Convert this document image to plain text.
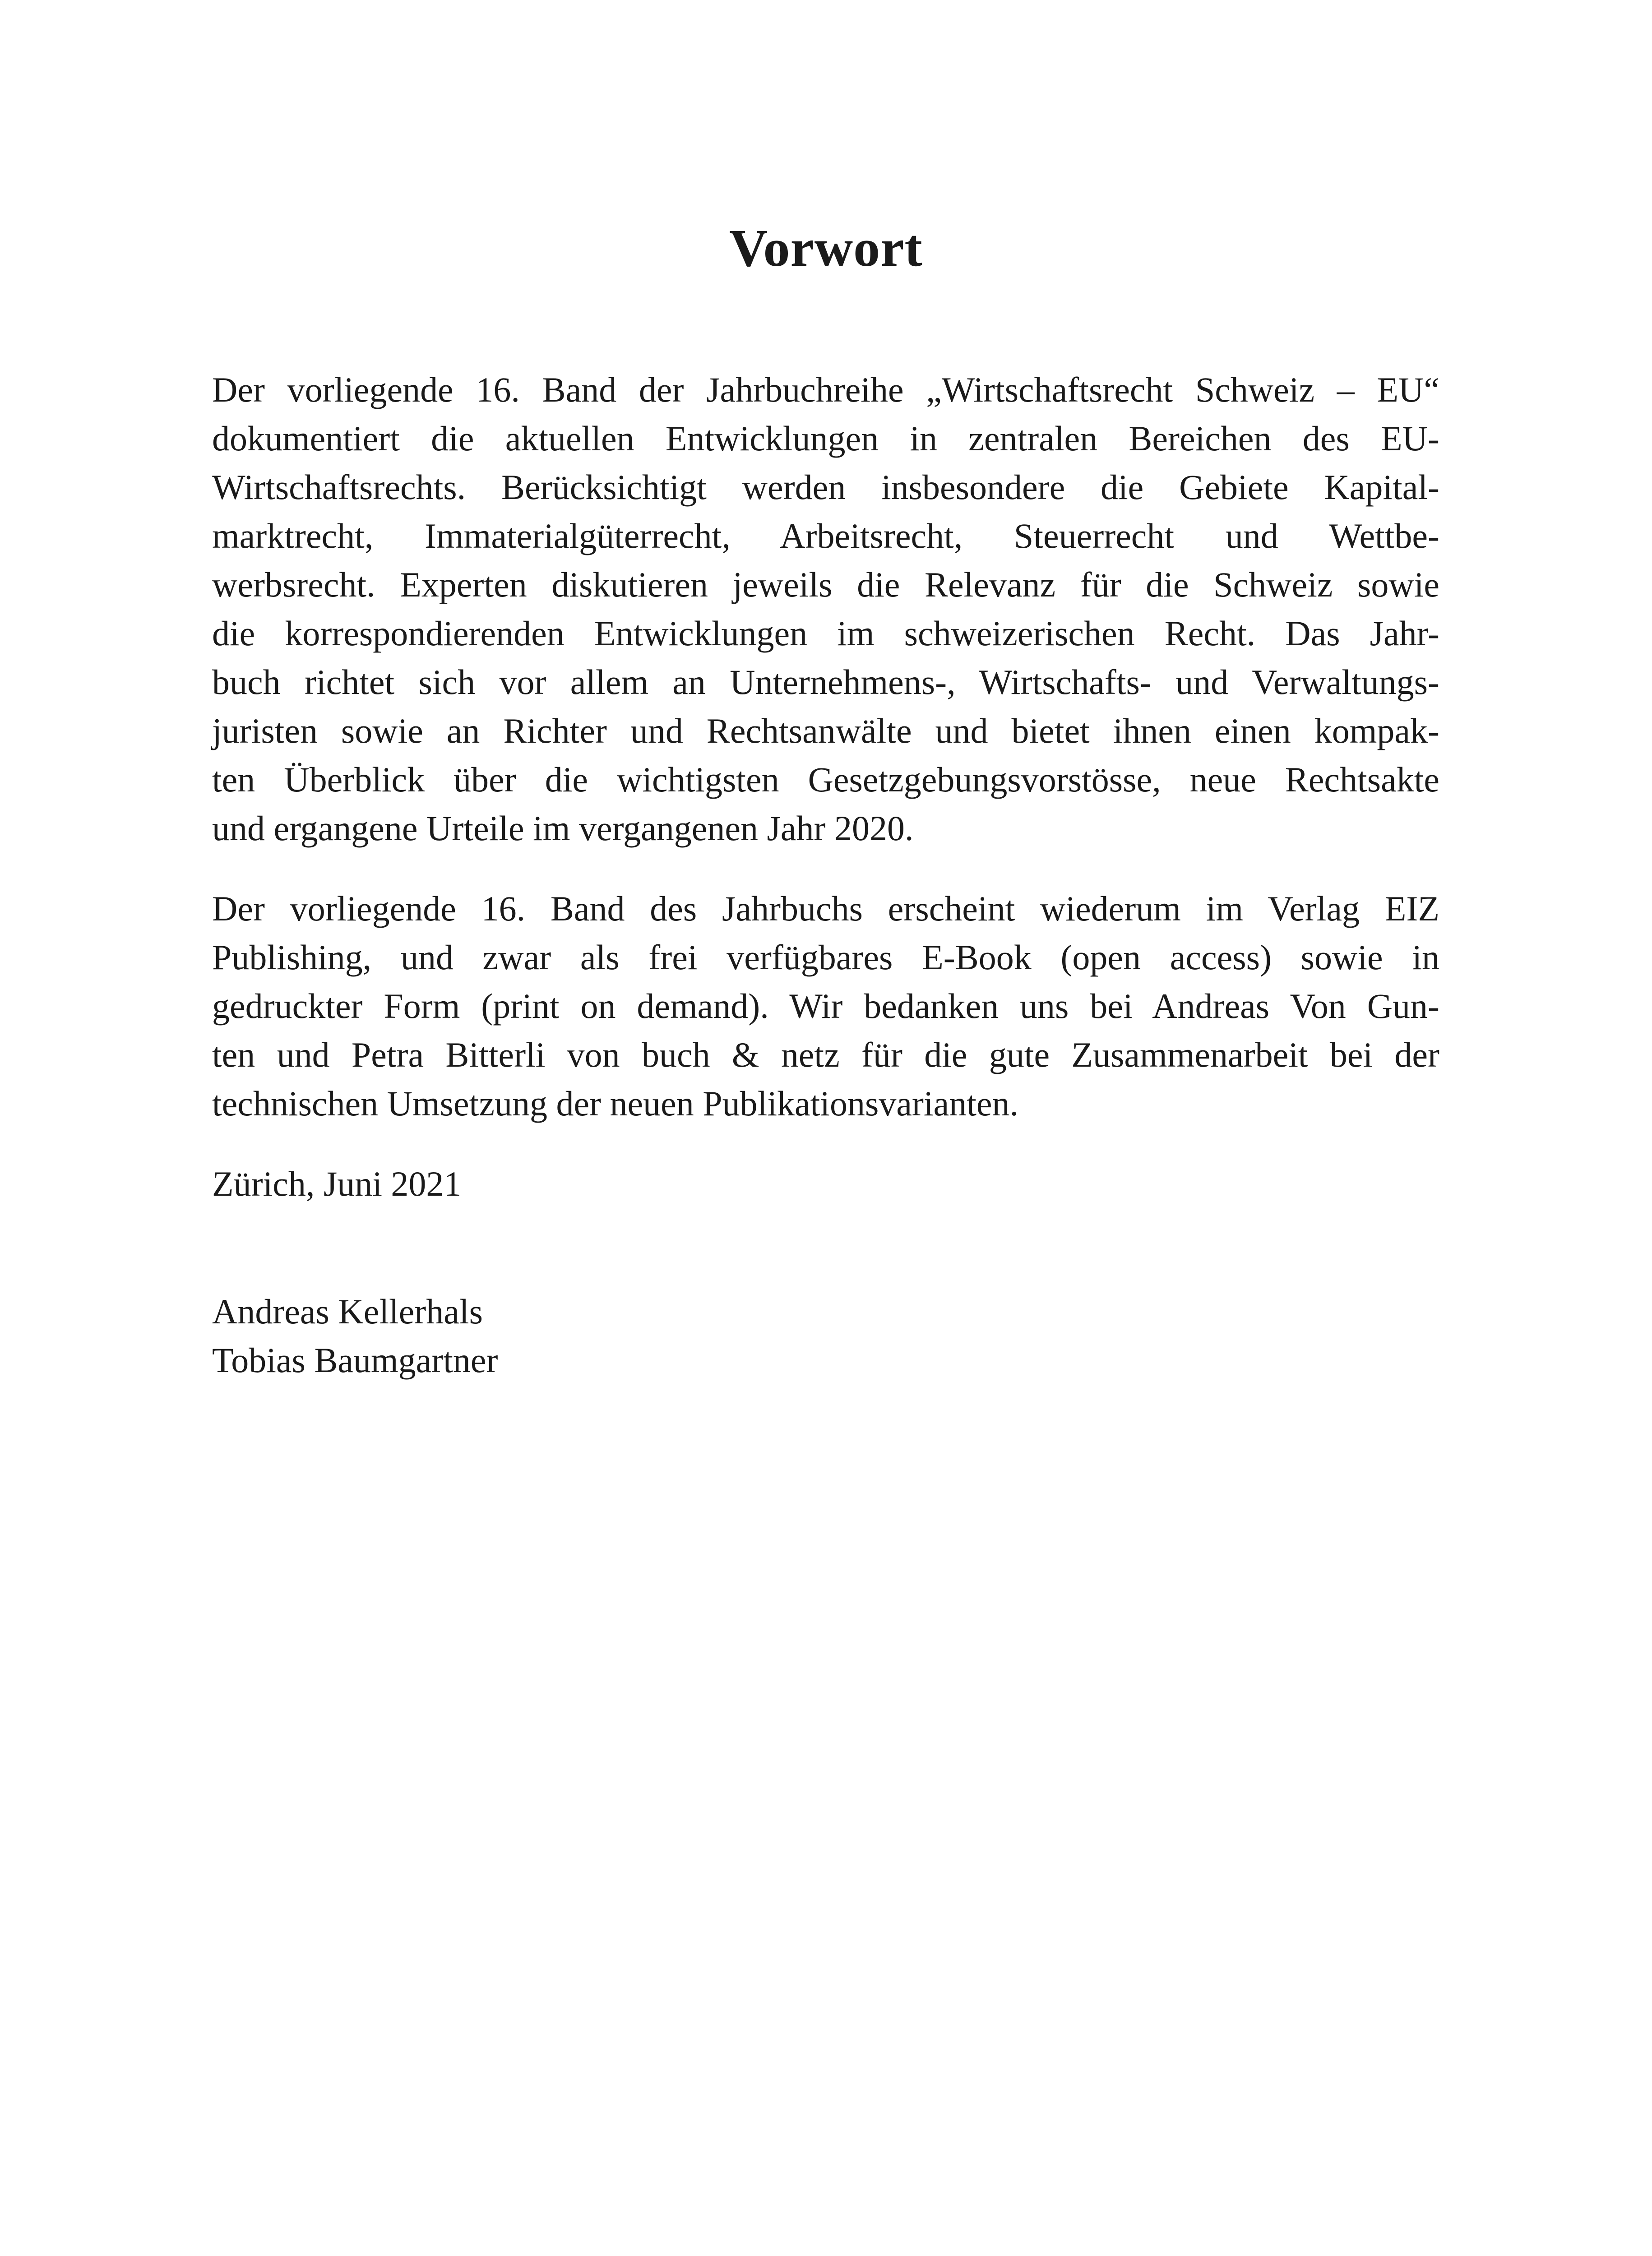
Vorwort

Der vorliegende 16. Band der Jahrbuchreihe „Wirtschaftsrecht Schweiz – EU“
dokumentiert die aktuellen Entwicklungen in zentralen Bereichen des EU-
Wirtschaftsrechts. Berücksichtigt werden insbesondere die Gebiete Kapital-
marktrecht, Immaterialgüterrecht, Arbeitsrecht, Steuerrecht und Wettbe-
werbsrecht. Experten diskutieren jeweils die Relevanz für die Schweiz sowie
die korrespondierenden Entwicklungen im schweizerischen Recht. Das Jahr-
buch richtet sich vor allem an Unternehmens-, Wirtschafts- und Verwaltungs-
juristen sowie an Richter und Rechtsanwälte und bietet ihnen einen kompak-
ten Überblick über die wichtigsten Gesetzgebungsvorstösse, neue Rechtsakte
und ergangene Urteile im vergangenen Jahr 2020.

Der vorliegende 16. Band des Jahrbuchs erscheint wiederum im Verlag EIZ
Publishing, und zwar als frei verfügbares E-Book (open access) sowie in
gedruckter Form (print on demand). Wir bedanken uns bei Andreas Von Gun-
ten und Petra Bitterli von buch & netz für die gute Zusammenarbeit bei der
technischen Umsetzung der neuen Publikationsvarianten.

Zürich, Juni 2021

Andreas Kellerhals
Tobias Baumgartner
